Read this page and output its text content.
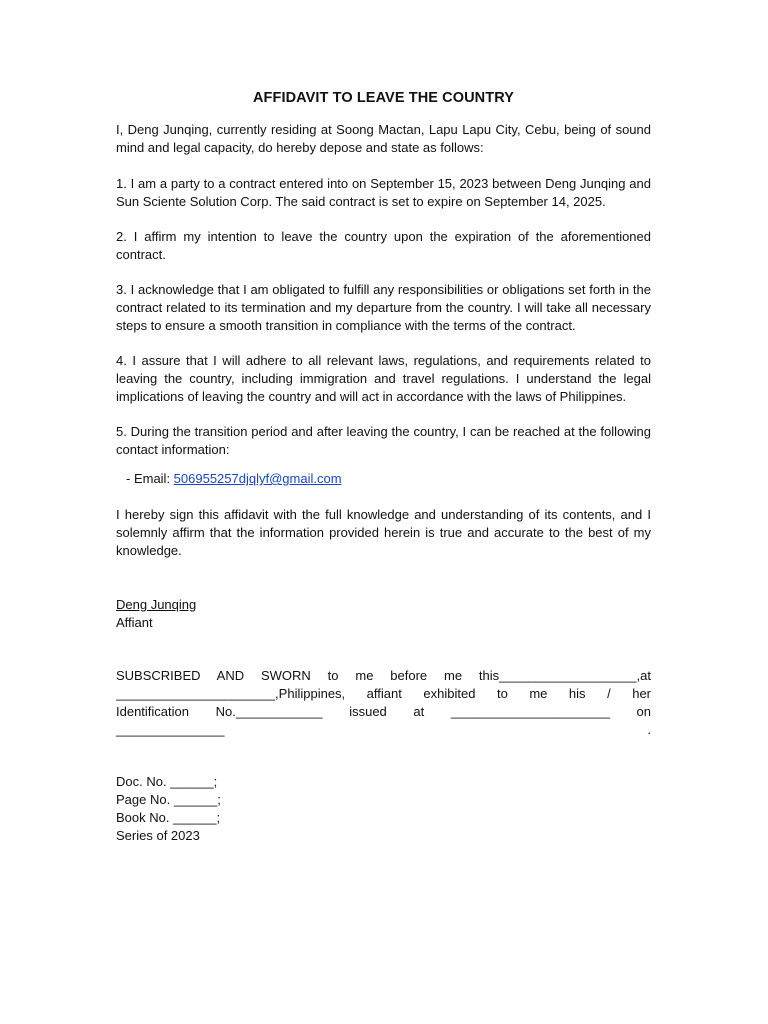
AFFIDAVIT TO LEAVE THE COUNTRY

I, Deng Junqing, currently residing at Soong Mactan, Lapu Lapu City, Cebu, being of sound mind and legal capacity, do hereby depose and state as follows:

1. I am a party to a contract entered into on September 15, 2023 between Deng Junqing and Sun Sciente Solution Corp. The said contract is set to expire on September 14, 2025.

2. I affirm my intention to leave the country upon the expiration of the aforementioned contract.

3. I acknowledge that I am obligated to fulfill any responsibilities or obligations set forth in the contract related to its termination and my departure from the country. I will take all necessary steps to ensure a smooth transition in compliance with the terms of the contract.

4. I assure that I will adhere to all relevant laws, regulations, and requirements related to leaving the country, including immigration and travel regulations. I understand the legal implications of leaving the country and will act in accordance with the laws of Philippines.

5. During the transition period and after leaving the country, I can be reached at the following contact information:

- Email: 506955257djqlyf@gmail.com

I hereby sign this affidavit with the full knowledge and understanding of its contents, and I solemnly affirm that the information provided herein is true and accurate to the best of my knowledge.

Deng Junqing
Affiant
SUBSCRIBED AND SWORN to me before me this___________________,at
______________________,Philippines, affiant exhibited to me his / her
Identification No.____________ issued at ______________________ on
_______________ .
Doc. No. ______;
Page No. ______;
Book No. ______;
Series of 2023
